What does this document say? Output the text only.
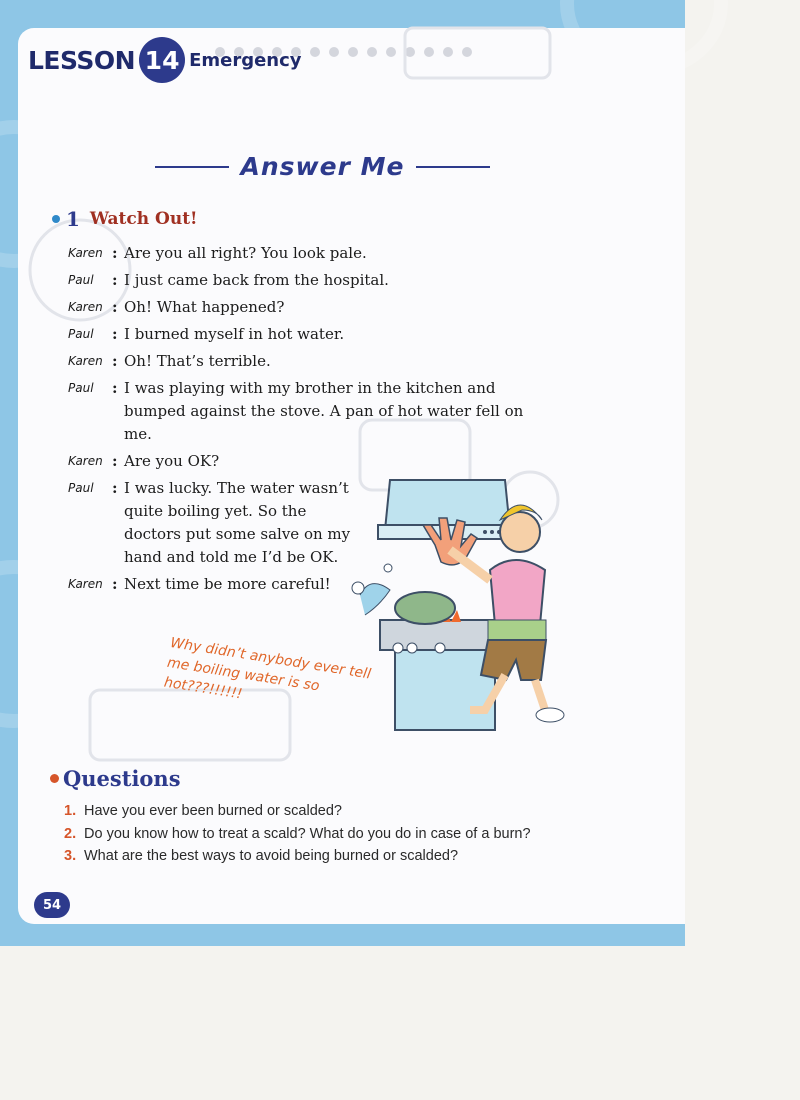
LESSON 14 Emergency
Answer Me
1 Watch Out!
Karen : Are you all right? You look pale.
Paul	: I just came back from the hospital.
Karen : Oh! What happened?
Paul	: I burned myself in hot water.
Karen : Oh! That’s terrible.
Paul	: I was playing with my brother in the kitchen and bumped against the stove. A pan of hot water fell on me.
Karen : Are you OK?
Paul	: I was lucky. The water wasn’t quite boiling yet. So the doctors put some salve on my hand and told me I’d be OK.
Karen : Next time be more careful!
Why didn’t anybody ever tell me boiling water is so hot???!!!!!!
Questions
1. Have you ever been burned or scalded?
2. Do you know how to treat a scald? What do you do in case of a burn?
3. What are the best ways to avoid being burned or scalded?
54
